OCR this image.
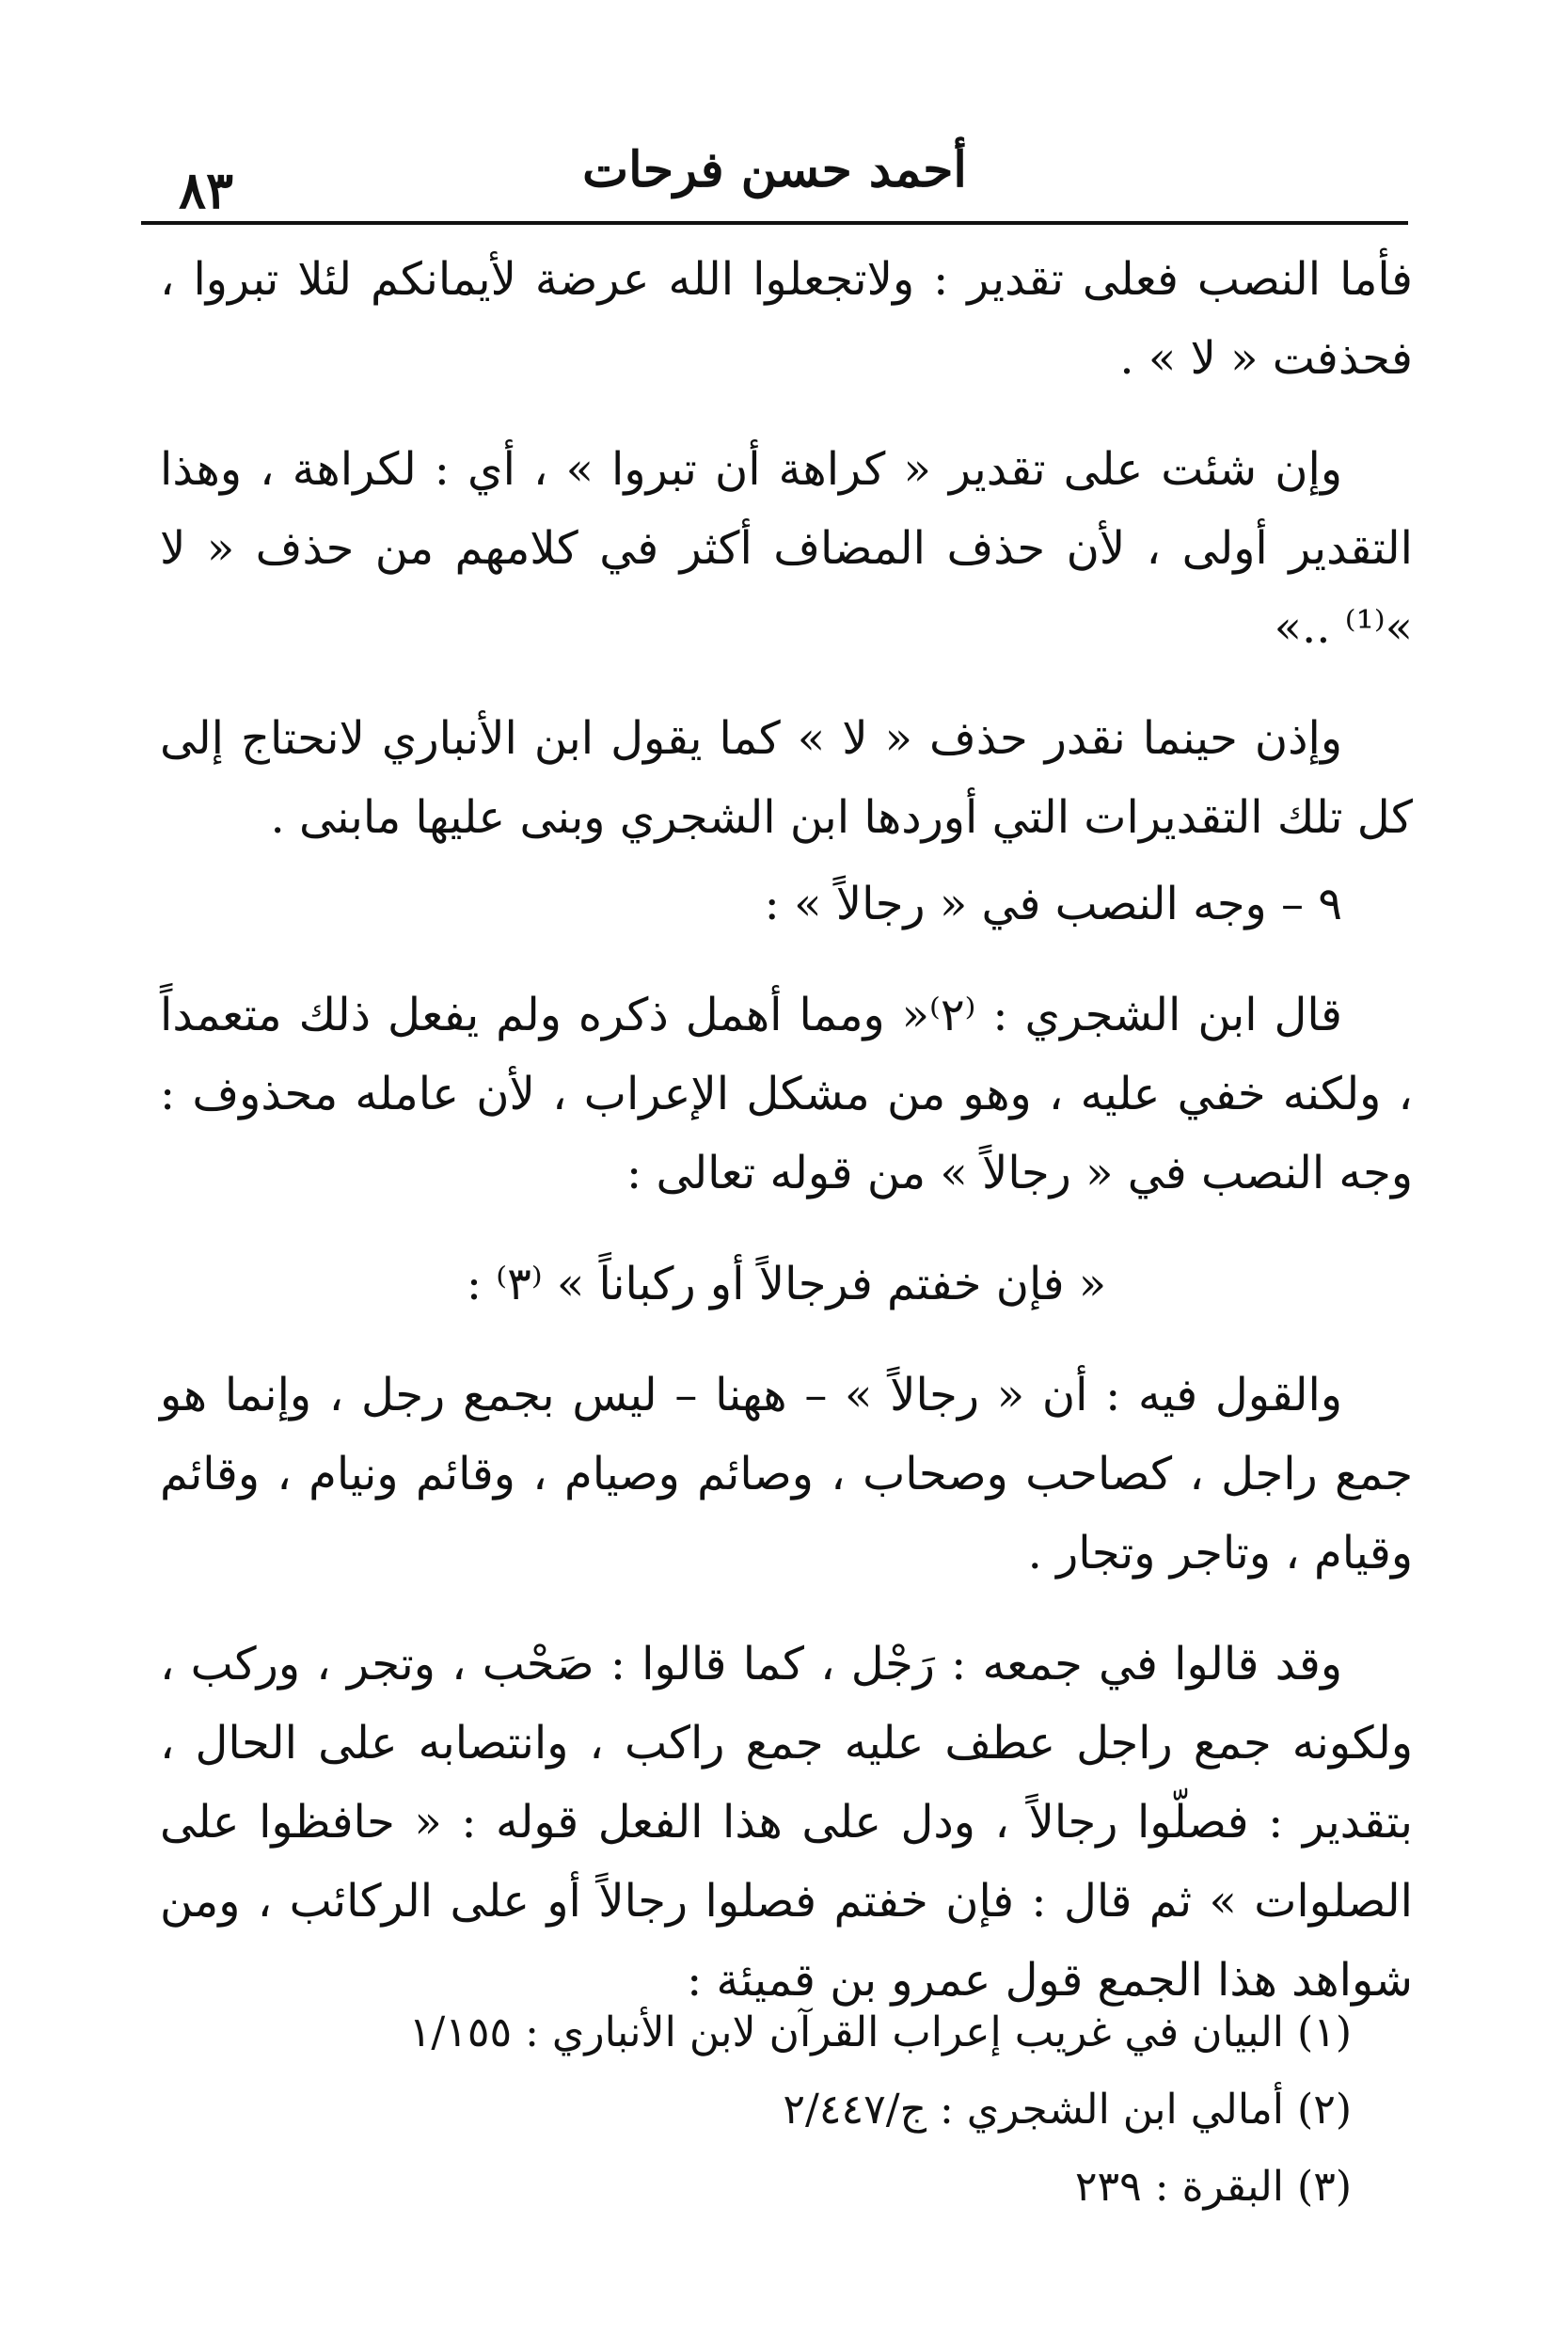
أحمد حسن فرحات
٨٣

فأما النصب فعلى تقدير : ولاتجعلوا الله عرضة لأيمانكم لئلا تبروا ، فحذفت « لا » .

وإن شئت على تقدير « كراهة أن تبروا » ، أي : لكراهة ، وهذا التقدير أولى ، لأن حذف المضاف أكثر في كلامهم من حذف « لا »⁽¹⁾ ..»

وإذن حينما نقدر حذف « لا » كما يقول ابن الأنباري لانحتاج إلى كل تلك التقديرات التي أوردها ابن الشجري وبنى عليها مابنى .

٩ – وجه النصب في « رجالاً » :

قال ابن الشجري : ⁽٢⁾« ومما أهمل ذكره ولم يفعل ذلك متعمداً ، ولكنه خفي عليه ، وهو من مشكل الإعراب ، لأن عامله محذوف : وجه النصب في « رجالاً » من قوله تعالى :

« فإن خفتم فرجالاً أو ركباناً » ⁽٣⁾ :

والقول فيه : أن « رجالاً » – ههنا – ليس بجمع رجل ، وإنما هو جمع راجل ، كصاحب وصحاب ، وصائم وصيام ، وقائم ونيام ، وقائم وقيام ، وتاجر وتجار .

وقد قالوا في جمعه : رَجْل ، كما قالوا : صَحْب ، وتجر ، وركب ، ولكونه جمع راجل عطف عليه جمع راكب ، وانتصابه على الحال ، بتقدير : فصلّوا رجالاً ، ودل على هذا الفعل قوله : « حافظوا على الصلوات » ثم قال : فإن خفتم فصلوا رجالاً أو على الركائب ، ومن شواهد هذا الجمع قول عمرو بن قميئة :

(١) البيان في غريب إعراب القرآن لابن الأنباري : ١/١٥٥

(٢) أمالي ابن الشجري : ج/٢/٤٤٧

(٣) البقرة : ٢٣٩
